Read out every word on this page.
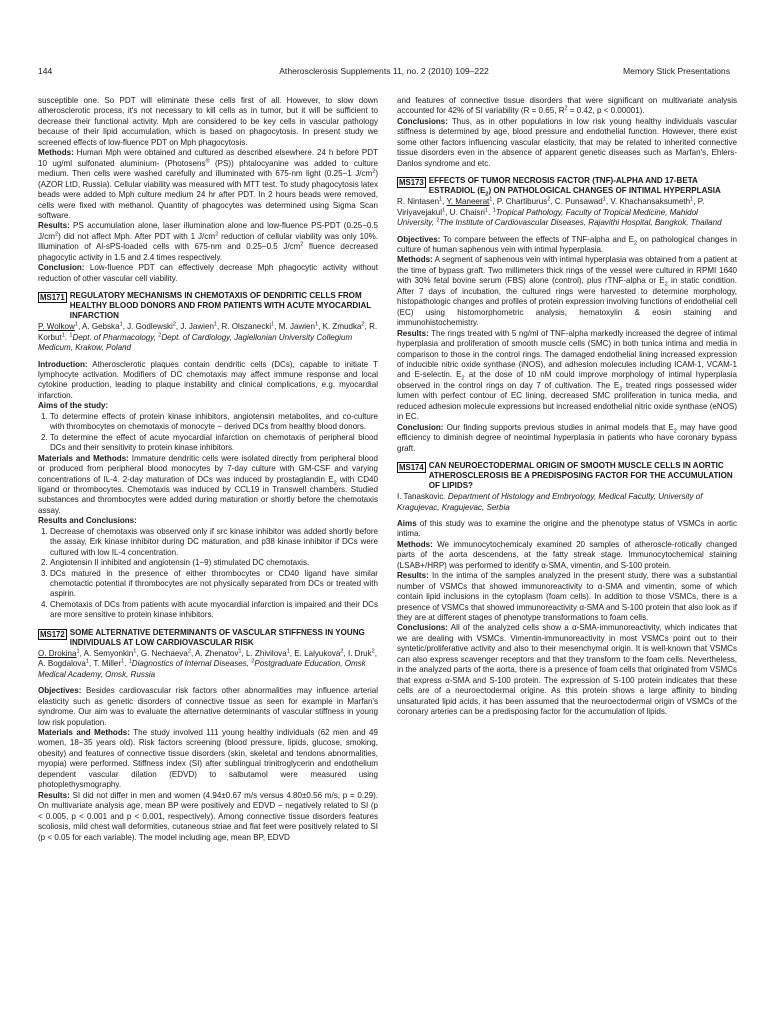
144	Atherosclerosis Supplements 11, no. 2 (2010) 109–222	Memory Stick Presentations

susceptible one. So PDT will eliminate these cells first of all. However, to slow down atherosclerotic process, it's not necessary to kill cells as in tumor, but it will be sufficient to decrease their functional activity. Mph are considered to be key cells in vascular pathology because of their lipid accumulation, which is based on phagocytosis. In present study we screened effects of low-fluence PDT on Mph phagocytosis.

Methods: Human Mph were obtained and cultured as described elsewhere. 24 h before PDT 10 ug/ml sulfonated aluminium- (Photosens® (PS)) phtalocyanine was added to culture medium. Then cells were washed carefully and illuminated with 675-nm light (0.25−1 $J/cm^2$) (AZOR LtD, Russia). Cellular viability was measured with MTT test. To study phagocytosis latex beads were added to Mph culture medium 24 hr after PDT. In 2 hours beads were removed, cells were fixed with methanol. Quantity of phagocytes was determined using Sigma Scan software.

Results: PS accumulation alone, laser illumination alone and low-fluence PS-PDT (0.25−0.5 $J/cm^2$) did not affect Mph. After PDT with 1 $J/cm^2$ reduction of cellular viability was only 10%. Illumination of Al-sPS-loaded cells with 675-nm and 0.25−0.5 $J/cm^2$ fluence decreased phagocytic activity in 1.5 and 2.4 times respectively.

Conclusion: Low-fluence PDT can effectively decrease Mph phagocytic activity without reduction of other vascular cell viability.

MS171 REGULATORY MECHANISMS IN CHEMOTAXIS OF DENDRITIC CELLS FROM HEALTHY BLOOD DONORS AND FROM PATIENTS WITH ACUTE MYOCARDIAL INFARCTION

P. Wolkow$^1$, A. Gebska$^1$, J. Godlewski$^2$, J. Jawien$^1$, R. Olszanecki$^1$, M. Jawien$^1$, K. Zmudka$^2$, R. Korbut$^1$. $^1$Dept. of Pharmacology, $^2$Dept. of Cardiology, Jagiellonian University Collegium Medicum, Krakow, Poland

Introduction: Atherosclerotic plaques contain dendritic cells (DCs), capable to initiate T lymphocyte activation. Modifiers of DC chemotaxis may affect immune response and local cytokine production, leading to plaque instability and clinical complications, e.g. myocardial infarction.

Aims of the study:

1. To determine effects of protein kinase inhibitors, angiotensin metabolites, and co-culture with thrombocytes on chemotaxis of monocyte − derived DCs from healthy blood donors.
2. To determine the effect of acute myocardial infarction on chemotaxis of peripheral blood DCs and their sensitivity to protein kinase inhibitors.

Materials and Methods: Immature dendritic cells were isolated directly from peripheral blood or produced from peripheral blood monocytes by 7-day culture with GM-CSF and varying concentrations of IL-4. 2-day maturation of DCs was induced by prostaglandin $E_2$ with CD40 ligand or thrombocytes. Chemotaxis was induced by CCL19 in Transwell chambers. Studied substances and thrombocytes were added during maturation or shortly before the chemotaxis assay.

Results and Conclusions:

1. Decrease of chemotaxis was observed only if src kinase inhibitor was added shortly before the assay, Erk kinase inhibitor during DC maturation, and p38 kinase inhibitor if DCs were cultured with low IL-4 concentration.
2. Angiotensin II inhibited and angiotensin (1−9) stimulated DC chemotaxis.
3. DCs matured in the presence of either thrombocytes or CD40 ligand have similar chemotactic potential if thrombocytes are not physically separated from DCs or treated with aspirin.
4. Chemotaxis of DCs from patients with acute myocardial infarction is impaired and their DCs are more sensitive to protein kinase inhibitors.
MS172 SOME ALTERNATIVE DETERMINANTS OF VASCULAR STIFFNESS IN YOUNG INDIVIDUALS AT LOW CARDIOVASCULAR RISK

O. Drokina$^1$, A. Semyonkin$^1$, G. Nechaeva$^2$, A. Zhenatov$^1$, L. Zhivilova$^1$, E. Lalyukova$^2$, I. Druk$^2$, A. Bogdalova$^1$, T. Miller$^1$. $^1$Diagnostics of Internal Diseases, $^2$Postgraduate Education, Omsk Medical Academy, Omsk, Russia

Objectives: Besides cardiovascular risk factors other abnormalities may influence arterial elasticity such as genetic disorders of connective tissue as seen for example in Marfan's syndrome. Our aim was to evaluate the alternative determinants of vascular stiffness in young low risk population.

Materials and Methods: The study involved 111 young healthy individuals (62 men and 49 women, 18−35 years old). Risk factors screening (blood pressure, lipids, glucose, smoking, obesity) and features of connective tissue disorders (skin, skeletal and tendons abnormalities, myopia) were performed. Stiffness index (SI) after sublingual trinitroglycerin and endothelium dependent vascular dilation (EDVD) to salbutamol were measured using photoplethysmography.

Results: SI did not differ in men and women (4.94±0.67 m/s versus 4.80±0.56 m/s, p = 0.29). On multivariate analysis age, mean BP were positively and EDVD − negatively related to SI (p < 0.005, p < 0.001 and p < 0.001, respectively). Among connective tissue disorders features scoliosis, mild chest wall deformities, cutaneous striae and flat feet were positively related to SI (p < 0.05 for each variable). The model including age, mean BP, EDVD

and features of connective tissue disorders that were significant on multivariate analysis accounted for 42% of SI variability (R = 0.65, $R^2 = 0.42$, p < 0.00001).

Conclusions: Thus, as in other populations in low risk young healthy individuals vascular stiffness is determined by age, blood pressure and endothelial function. However, there exist some other factors influencing vascular elasticity, that may be related to inherited connective tissue disorders even in the absence of apparent genetic diseases such as Marfan's, Ehlers-Danlos syndrome and etc.

MS173 EFFECTS OF TUMOR NECROSIS FACTOR (TNF)-ALPHA AND 17-BETA ESTRADIOL $(E_2)$ ON PATHOLOGICAL CHANGES OF INTIMAL HYPERPLASIA

R. Nintasen$^1$, Y. Maneerat$^1$, P. Chartiburus$^2$, C. Punsawad$^1$, V. Khachansaksumeth$^1$, P. Viriyavejakul$^1$, U. Chaisri$^1$. $^1$Tropical Pathology, Faculty of Tropical Medicine, Mahidol University, $^2$The Institute of Cardiovascular Diseases, Rajavithi Hospital, Bangkok, Thailand

Objectives: To compare between the effects of TNF-alpha and $E_2$ on pathological changes in culture of human saphenous vein with intimal hyperplasia.

Methods: A segment of saphenous vein with intimal hyperplasia was obtained from a patient at the time of bypass graft. Two millimeters thick rings of the vessel were cultured in RPMI 1640 with 30% fetal bovine serum (FBS) alone (control), plus rTNF-alpha or $E_2$ in static condition. After 7 days of incubation, the cultured rings were harvested to determine morphology, histopathologic changes and profiles of protein expression involving functions of endothelial cell (EC) using histomorphometric analysis, hematoxylin & eosin staining and immunohistochemistry.

Results: The rings treated with 5 ng/ml of TNF-alpha markedly increased the degree of intimal hyperplasia and proliferation of smooth muscle cells (SMC) in both tunica intima and media in comparison to those in the control rings. The damaged endothelial lining increased expression of inducible nitric oxide synthase (iNOS), and adhesion molecules including ICAM-1, VCAM-1 and E-selectin. $E_2$ at the dose of 10 nM could improve morphology of intimal hyperplasia observed in the control rings on day 7 of cultivation. The $E_2$ treated rings possessed wider lumen with perfect contour of EC lining, decreased SMC proliferation in tunica media, and reduced adhesion molecule expressions but increased endothelial nitric oxide synthase (eNOS) in EC.

Conclusion: Our finding supports previous studies in animal models that $E_2$ may have good efficiency to diminish degree of neointimal hyperplasia in patients who have coronary bypass graft.

MS174 CAN NEUROECTODERMAL ORIGIN OF SMOOTH MUSCLE CELLS IN AORTIC ATHEROSCLEROSIS BE A PREDISPOSING FACTOR FOR THE ACCUMULATION OF LIPIDS?

I. Tanaskovic. Department of Histology and Embryology, Medical Faculty, University of Kragujevac, Kragujevac, Serbia

Aims of this study was to examine the origine and the phenotype status of VSMCs in aortic intima.

Methods: We immunocytochemicaly examined 20 samples of atheroscle-rotically changed parts of the aorta descendens, at the fatty streak stage. Immunocytochemical staining (LSAB+/HRP) was performed to identify α-SMA, vimentin, and S-100 protein.

Results: In the intima of the samples analyzed in the present study, there was a substantial number of VSMCs that showed immunoreactivity to α-SMA and vimentin, some of which contain lipid inclusions in the cytoplasm (foam cells). In addition to those VSMCs, there is a presence of VSMCs that showed immunoreactivity α-SMA and S-100 protein that also look as if they are at different stages of phenotype transformations to foam cells.

Conclusions: All of the analyzed cells show a α-SMA-immunoreactivity, which indicates that we are dealing with VSMCs. Vimentin-immunoreactivity in most VSMCs point out to their syntetic/proliferative activity and also to their mesenchymal origin. It is well-known that VSMCs can also express scavenger receptors and that they transform to the foam cells. Nevertheless, in the analyzed parts of the aorta, there is a presence of foam cells that originated from VSMCs that express α-SMA and S-100 protein. The expression of S-100 protein indicates that these cells are of a neuroectodermal origine. As this protein shows a large affinity to binding unsaturated lipid acids, it has been assumed that the neuroectodermal origin of VSMCs of the coronary arteries can be a predisposing factor for the accumulation of lipids.
